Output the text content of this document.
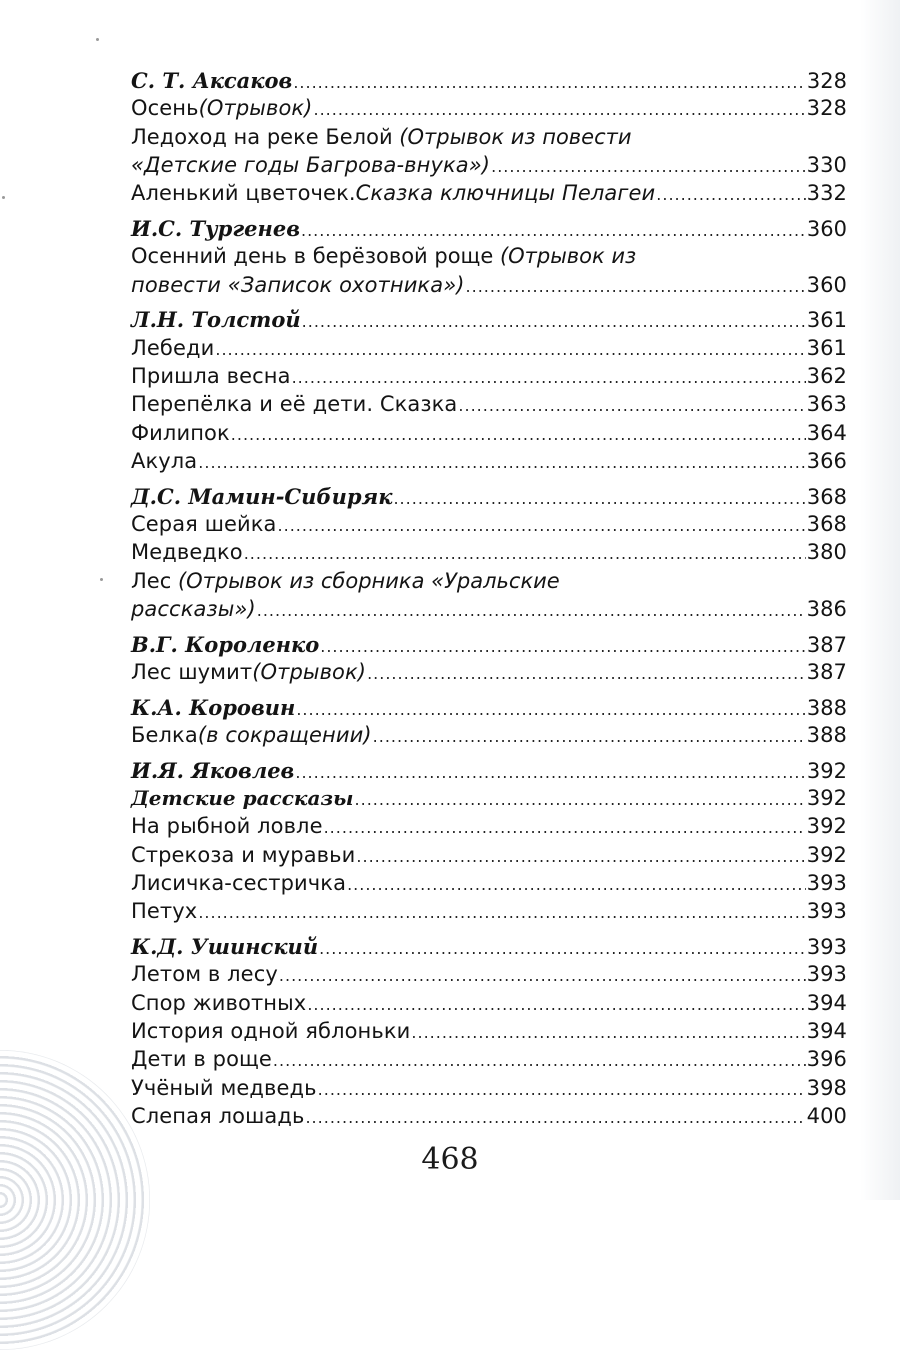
С. Т. Аксаков .....	328
Осень (Отрывок) .....	328
Ледоход на реке Белой (Отрывок из повести
«Детские годы Багрова-внука») .....	330
Аленький цветочек. Сказка ключницы Пелагеи .....	332
И.С. Тургенев .....	360
Осенний день в берёзовой роще (Отрывок из
повести «Записок охотника») .....	360
Л.Н. Толстой .....	361
Лебеди .....	361
Пришла весна .....	362
Перепёлка и её дети. Сказка .....	363
Филипок .....	364
Акула .....	366
Д.С. Мамин-Сибиряк .....	368
Серая шейка .....	368
Медведко .....	380
Лес (Отрывок из сборника «Уральские
рассказы») .....	386
В.Г. Короленко .....	387
Лес шумит (Отрывок) .....	387
К.А. Коровин .....	388
Белка (в сокращении) .....	388
И.Я. Яковлев .....	392
Детские рассказы .....	392
На рыбной ловле .....	392
Стрекоза и муравьи .....	392
Лисичка-сестричка .....	393
Петух .....	393
К.Д. Ушинский .....	393
Летом в лесу .....	393
Спор животных .....	394
История одной яблоньки .....	394
Дети в роще .....	396
Учёный медведь .....	398
Слепая лошадь .....	400
468
